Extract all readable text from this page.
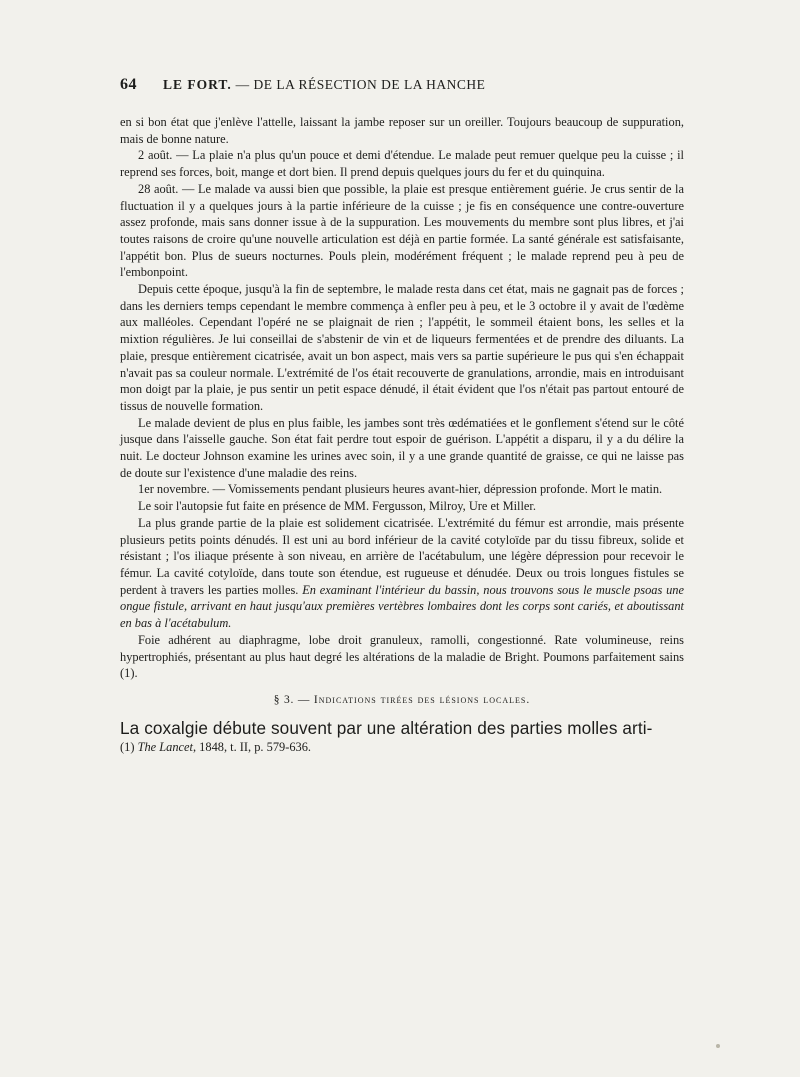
64 LE FORT. — DE LA RÉSECTION DE LA HANCHE

en si bon état que j'enlève l'attelle, laissant la jambe reposer sur un oreiller. Toujours beaucoup de suppuration, mais de bonne nature.

2 août. — La plaie n'a plus qu'un pouce et demi d'étendue. Le malade peut remuer quelque peu la cuisse ; il reprend ses forces, boit, mange et dort bien. Il prend depuis quelques jours du fer et du quinquina.

28 août. — Le malade va aussi bien que possible, la plaie est presque entièrement guérie. Je crus sentir de la fluctuation il y a quelques jours à la partie inférieure de la cuisse ; je fis en conséquence une contre-ouverture assez profonde, mais sans donner issue à de la suppuration. Les mouvements du membre sont plus libres, et j'ai toutes raisons de croire qu'une nouvelle articulation est déjà en partie formée. La santé générale est satisfaisante, l'appétit bon. Plus de sueurs nocturnes. Pouls plein, modérément fréquent ; le malade reprend peu à peu de l'embonpoint.

Depuis cette époque, jusqu'à la fin de septembre, le malade resta dans cet état, mais ne gagnait pas de forces ; dans les derniers temps cependant le membre commença à enfler peu à peu, et le 3 octobre il y avait de l'œdème aux malléoles. Cependant l'opéré ne se plaignait de rien ; l'appétit, le sommeil étaient bons, les selles et la mixtion régulières. Je lui conseillai de s'abstenir de vin et de liqueurs fermentées et de prendre des diluants. La plaie, presque entièrement cicatrisée, avait un bon aspect, mais vers sa partie supérieure le pus qui s'en échappait n'avait pas sa couleur normale. L'extrémité de l'os était recouverte de granulations, arrondie, mais en introduisant mon doigt par la plaie, je pus sentir un petit espace dénudé, il était évident que l'os n'était pas partout entouré de tissus de nouvelle formation.

Le malade devient de plus en plus faible, les jambes sont très œdématiées et le gonflement s'étend sur le côté jusque dans l'aisselle gauche. Son état fait perdre tout espoir de guérison. L'appétit a disparu, il y a du délire la nuit. Le docteur Johnson examine les urines avec soin, il y a une grande quantité de graisse, ce qui ne laisse pas de doute sur l'existence d'une maladie des reins.

1er novembre. — Vomissements pendant plusieurs heures avant-hier, dépression profonde. Mort le matin.

Le soir l'autopsie fut faite en présence de MM. Fergusson, Milroy, Ure et Miller.

La plus grande partie de la plaie est solidement cicatrisée. L'extrémité du fémur est arrondie, mais présente plusieurs petits points dénudés. Il est uni au bord inférieur de la cavité cotyloïde par du tissu fibreux, solide et résistant ; l'os iliaque présente à son niveau, en arrière de l'acétabulum, une légère dépression pour recevoir le fémur. La cavité cotyloïde, dans toute son étendue, est rugueuse et dénudée. Deux ou trois longues fistules se perdent à travers les parties molles. En examinant l'intérieur du bassin, nous trouvons sous le muscle psoas une ongue fistule, arrivant en haut jusqu'aux premières vertèbres lombaires dont les corps sont cariés, et aboutissant en bas à l'acétabulum.

Foie adhérent au diaphragme, lobe droit granuleux, ramolli, congestionné. Rate volumineuse, reins hypertrophiés, présentant au plus haut degré les altérations de la maladie de Bright. Poumons parfaitement sains (1).

§ 3. — Indications tirées des lésions locales.

La coxalgie débute souvent par une altération des parties molles arti-

(1) The Lancet, 1848, t. II, p. 579-636.
